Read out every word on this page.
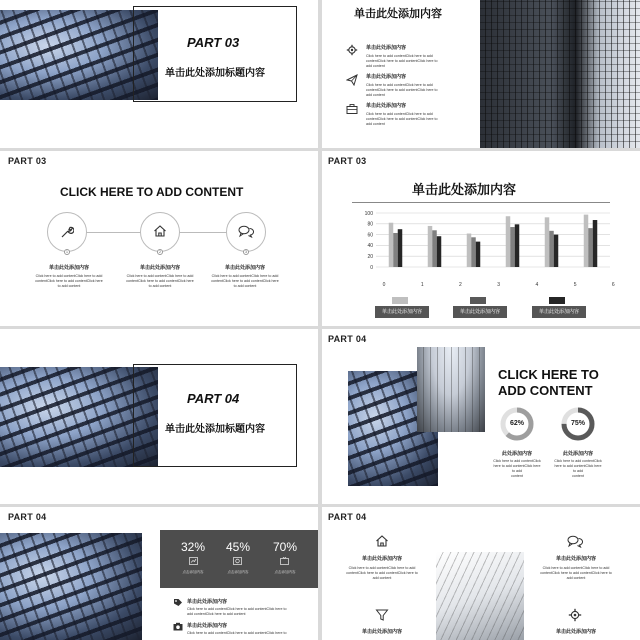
PART 03
单击此处添加标题内容
单击此处添加内容
单击此处添加内容
Click here to add contentClick here to add
contentClick here to add contentClick here to
add content
单击此处添加内容
Click here to add contentClick here to add
contentClick here to add contentClick here to
add content
单击此处添加内容
Click here to add contentClick here to add
contentClick here to add contentClick here to
add content
PART 03
CLICK HERE TO ADD CONTENT
1	2	3
单击此处添加内容
Click here to add contentClick here to add
contentClick here to add contentClick here
to add content
单击此处添加内容
Click here to add contentClick here to add
contentClick here to add contentClick here
to add content
单击此处添加内容
Click here to add contentClick here to add
contentClick here to add contentClick here
to add content
PART 03
单击此处添加内容
100
80
60
40
20
0
0	1	2	3	4	5	6
单击此处添加内容	单击此处添加内容	单击此处添加内容
PART 04
单击此处添加标题内容
PART 04
CLICK HERE TO
ADD CONTENT
62%	75%
此处添加内容
Click here to add contentClick
here to add contentClick here to add
content
此处添加内容
Click here to add contentClick
here to add contentClick here to add
content
PART 04
32%	45%	70%
点击添加内容	点击添加内容	点击添加内容
单击此处添加内容
Click here to add contentClick here to add contentClick here to
add contentClick here to add content
单击此处添加内容
Click here to add contentClick here to add contentClick here to
PART 04
单击此处添加内容
Click here to add contentClick here to add
contentClick here to add contentClick here to
add content
单击此处添加内容
Click here to add contentClick here to add
contentClick here to add contentClick here to
add content
单击此处添加内容	单击此处添加内容
